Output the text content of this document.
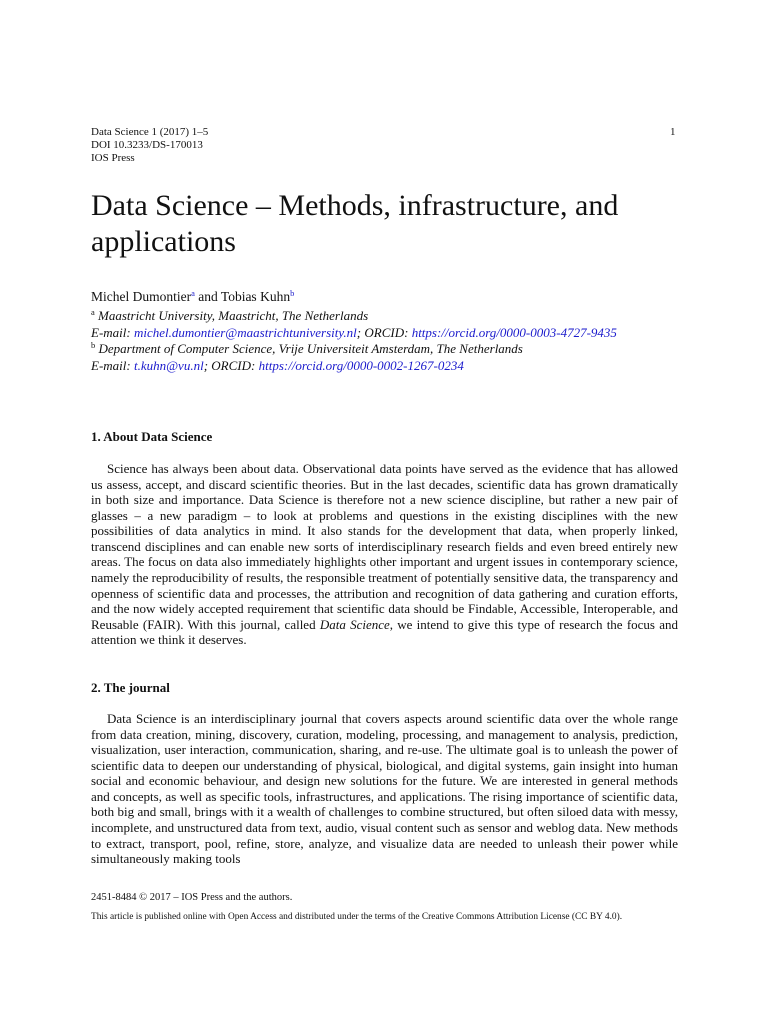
Data Science 1 (2017) 1–5
DOI 10.3233/DS-170013
IOS Press
1
Data Science – Methods, infrastructure, and applications
Michel Dumontier$^a$ and Tobias Kuhn$^b$
$^a$ Maastricht University, Maastricht, The Netherlands
E-mail: michel.dumontier@maastrichtuniversity.nl; ORCID: https://orcid.org/0000-0003-4727-9435
$^b$ Department of Computer Science, Vrije Universiteit Amsterdam, The Netherlands
E-mail: t.kuhn@vu.nl; ORCID: https://orcid.org/0000-0002-1267-0234
1. About Data Science

Science has always been about data. Observational data points have served as the evidence that has allowed us assess, accept, and discard scientific theories. But in the last decades, scientific data has grown dramatically in both size and importance. Data Science is therefore not a new science discipline, but rather a new pair of glasses – a new paradigm – to look at problems and questions in the existing disciplines with the new possibilities of data analytics in mind. It also stands for the development that data, when properly linked, transcend disciplines and can enable new sorts of interdisciplinary research fields and even breed entirely new areas. The focus on data also immediately highlights other important and urgent issues in contemporary science, namely the reproducibility of results, the responsible treatment of potentially sensitive data, the transparency and openness of scientific data and processes, the attribution and recognition of data gathering and curation efforts, and the now widely accepted requirement that scientific data should be Findable, Accessible, Interoperable, and Reusable (FAIR). With this journal, called Data Science, we intend to give this type of research the focus and attention we think it deserves.

2. The journal

Data Science is an interdisciplinary journal that covers aspects around scientific data over the whole range from data creation, mining, discovery, curation, modeling, processing, and management to analysis, prediction, visualization, user interaction, communication, sharing, and re-use. The ultimate goal is to unleash the power of scientific data to deepen our understanding of physical, biological, and digital systems, gain insight into human social and economic behaviour, and design new solutions for the future. We are interested in general methods and concepts, as well as specific tools, infrastructures, and applications. The rising importance of scientific data, both big and small, brings with it a wealth of challenges to combine structured, but often siloed data with messy, incomplete, and unstructured data from text, audio, visual content such as sensor and weblog data. New methods to extract, transport, pool, refine, store, analyze, and visualize data are needed to unleash their power while simultaneously making tools

2451-8484 © 2017 – IOS Press and the authors.
This article is published online with Open Access and distributed under the terms of the Creative Commons Attribution License (CC BY 4.0).
